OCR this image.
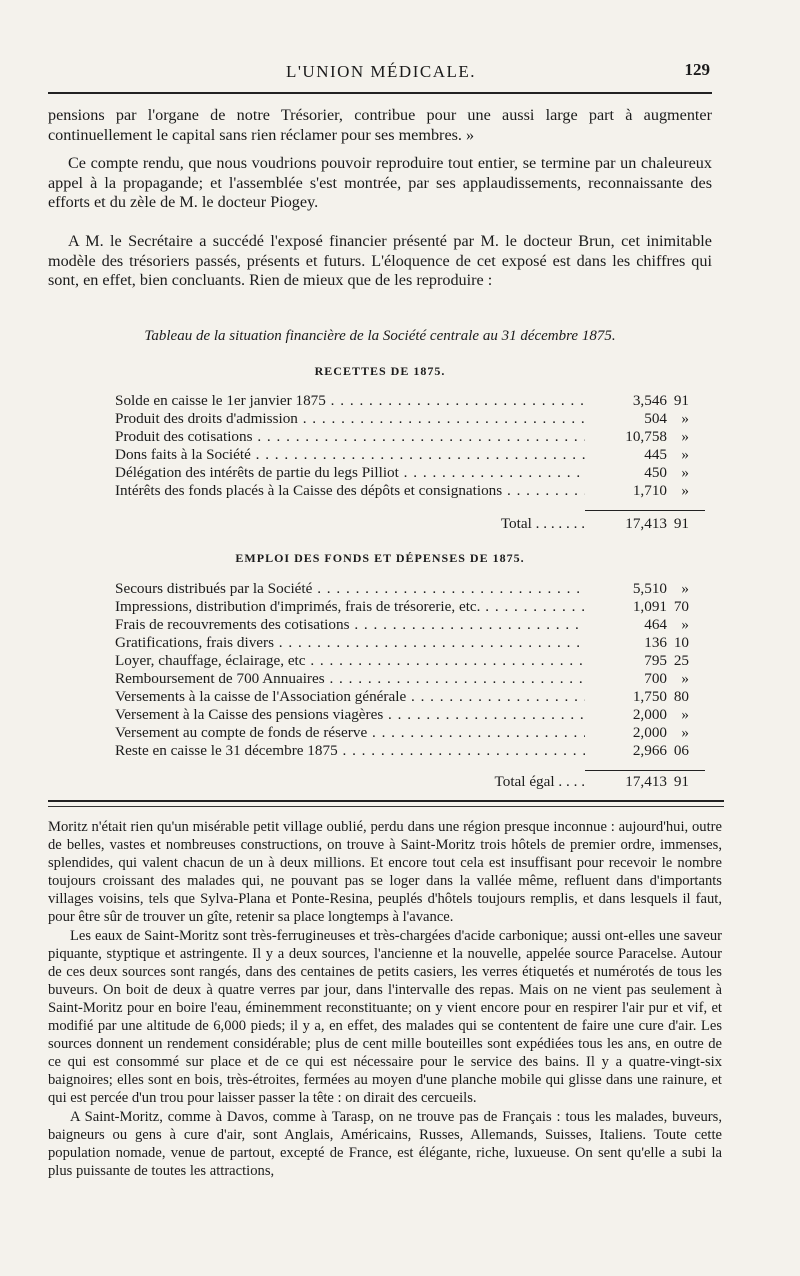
L'UNION MÉDICALE.	129
pensions par l'organe de notre Trésorier, contribue pour une aussi large part à augmenter continuellement le capital sans rien réclamer pour ses membres. »
Ce compte rendu, que nous voudrions pouvoir reproduire tout entier, se termine par un chaleureux appel à la propagande; et l'assemblée s'est montrée, par ses applaudissements, reconnaissante des efforts et du zèle de M. le docteur Piogey.
A M. le Secrétaire a succédé l'exposé financier présenté par M. le docteur Brun, cet inimitable modèle des trésoriers passés, présents et futurs. L'éloquence de cet exposé est dans les chiffres qui sont, en effet, bien concluants. Rien de mieux que de les reproduire :
Tableau de la situation financière de la Société centrale au 31 décembre 1875.
RECETTES DE 1875.
Solde en caisse le 1er janvier 1875 . . .	3,546 91
Produit des droits d'admission . . .	504 »
Produit des cotisations . . .	10,758 »
Dons faits à la Société . . .	445 »
Délégation des intérêts de partie du legs Pilliot . . .	450 »
Intérêts des fonds placés à la Caisse des dépôts et consignations . . .	1,710 »
Total . . . . . . .	17,413 91
EMPLOI DES FONDS ET DÉPENSES DE 1875.
Secours distribués par la Société . . .	5,510 »
Impressions, distribution d'imprimés, frais de trésorerie, etc. . . .	1,091 70
Frais de recouvrements des cotisations . . .	464 »
Gratifications, frais divers . . .	136 10
Loyer, chauffage, éclairage, etc . . .	795 25
Remboursement de 700 Annuaires . . .	700 »
Versements à la caisse de l'Association générale . . .	1,750 80
Versement à la Caisse des pensions viagères . . .	2,000 »
Versement au compte de fonds de réserve . . .	2,000 »
Reste en caisse le 31 décembre 1875 . . .	2,966 06
Total égal . . . .	17,413 91

Moritz n'était rien qu'un misérable petit village oublié, perdu dans une région presque inconnue : aujourd'hui, outre de belles, vastes et nombreuses constructions, on trouve à Saint-Moritz trois hôtels de premier ordre, immenses, splendides, qui valent chacun de un à deux millions. Et encore tout cela est insuffisant pour recevoir le nombre toujours croissant des malades qui, ne pouvant pas se loger dans la vallée même, refluent dans d'importants villages voisins, tels que Sylva-Plana et Ponte-Resina, peuplés d'hôtels toujours remplis, et dans lesquels il faut, pour être sûr de trouver un gîte, retenir sa place longtemps à l'avance.

Les eaux de Saint-Moritz sont très-ferrugineuses et très-chargées d'acide carbonique; aussi ont-elles une saveur piquante, styptique et astringente. Il y a deux sources, l'ancienne et la nouvelle, appelée source Paracelse. Autour de ces deux sources sont rangés, dans des centaines de petits casiers, les verres étiquetés et numérotés de tous les buveurs. On boit de deux à quatre verres par jour, dans l'intervalle des repas. Mais on ne vient pas seulement à Saint-Moritz pour en boire l'eau, éminemment reconstituante; on y vient encore pour en respirer l'air pur et vif, et modifié par une altitude de 6,000 pieds; il y a, en effet, des malades qui se contentent de faire une cure d'air. Les sources donnent un rendement considérable; plus de cent mille bouteilles sont expédiées tous les ans, en outre de ce qui est consommé sur place et de ce qui est nécessaire pour le service des bains. Il y a quatre-vingt-six baignoires; elles sont en bois, très-étroites, fermées au moyen d'une planche mobile qui glisse dans une rainure, et qui est percée d'un trou pour laisser passer la tête : on dirait des cercueils.

A Saint-Moritz, comme à Davos, comme à Tarasp, on ne trouve pas de Français : tous les malades, buveurs, baigneurs ou gens à cure d'air, sont Anglais, Américains, Russes, Allemands, Suisses, Italiens. Toute cette population nomade, venue de partout, excepté de France, est élégante, riche, luxueuse. On sent qu'elle a subi la plus puissante de toutes les attractions,
